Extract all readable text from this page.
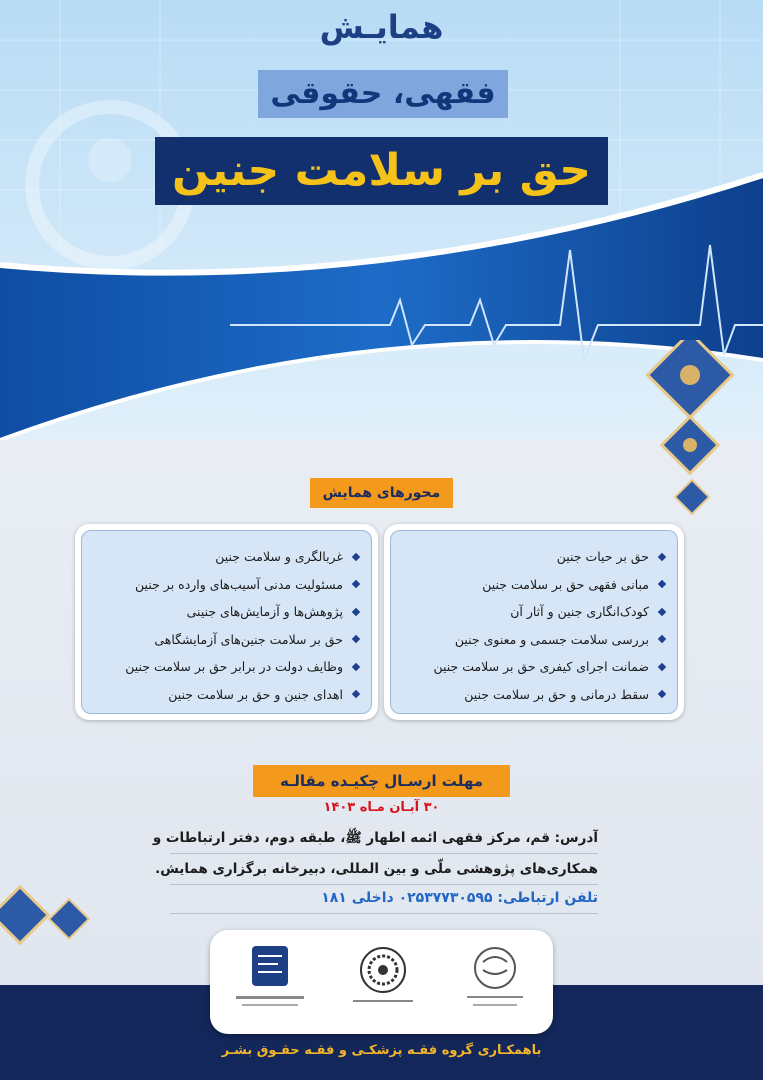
همایـش
فقهی، حقوقی
حق بر سلامت جنین
محورهای همایش
حق بر حیات جنین
مبانی فقهی حق بر سلامت جنین
کودک‌انگاری جنین و آثار آن
بررسی سلامت جسمی و معنوی جنین
ضمانت اجرای کیفری حق بر سلامت جنین
سقط درمانی و حق بر سلامت جنین
غربالگری و سلامت جنین
مسئولیت مدنی آسیب‌های وارده بر جنین
پژوهش‌ها و آزمایش‌های جنینی
حق بر سلامت جنین‌های آزمایشگاهی
وظایف دولت در برابر حق بر سلامت جنین
اهدای جنین و حق بر سلامت جنین
مهلت ارسـال چکیـده مقالـه
۳۰ آبـان مـاه ۱۴۰۳
آدرس: قم، مرکز فقهی ائمه اطهار ﷺ، طبقه دوم، دفتر ارتباطات و
همکاری‌های پژوهشی ملّی و بین المللی، دبیرخانه برگزاری همایش.
تلفن ارتباطی: ۰۲۵۳۷۷۳۰۵۹۵ داخلی ۱۸۱
باهمکـاری گروه فقـه پزشکـی و فقـه حقـوق بشـر
